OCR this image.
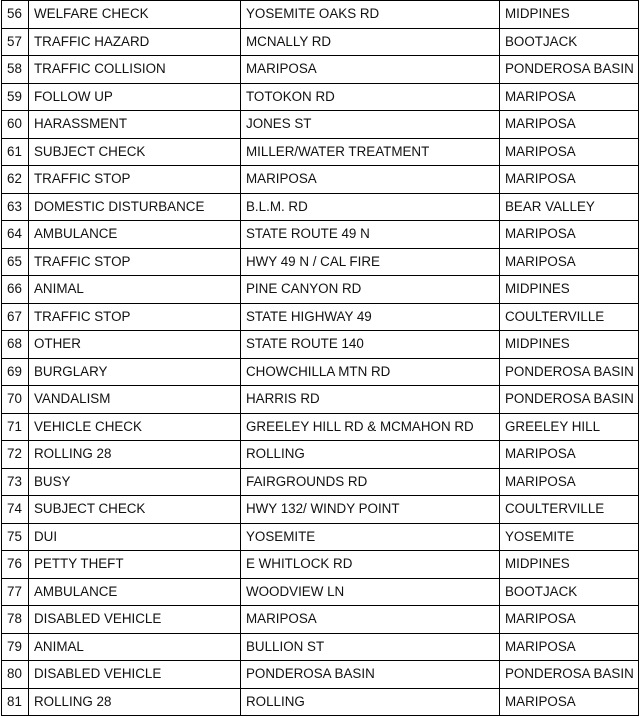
56	WELFARE CHECK	YOSEMITE OAKS RD	MIDPINES
57	TRAFFIC HAZARD	MCNALLY RD	BOOTJACK
58	TRAFFIC COLLISION	MARIPOSA	PONDEROSA BASIN
59	FOLLOW UP	TOTOKON RD	MARIPOSA
60	HARASSMENT	JONES ST	MARIPOSA
61	SUBJECT CHECK	MILLER/WATER TREATMENT	MARIPOSA
62	TRAFFIC STOP	MARIPOSA	MARIPOSA
63	DOMESTIC DISTURBANCE	B.L.M. RD	BEAR VALLEY
64	AMBULANCE	STATE ROUTE 49 N	MARIPOSA
65	TRAFFIC STOP	HWY 49 N / CAL FIRE	MARIPOSA
66	ANIMAL	PINE CANYON RD	MIDPINES
67	TRAFFIC STOP	STATE HIGHWAY 49	COULTERVILLE
68	OTHER	STATE ROUTE 140	MIDPINES
69	BURGLARY	CHOWCHILLA MTN RD	PONDEROSA BASIN
70	VANDALISM	HARRIS RD	PONDEROSA BASIN
71	VEHICLE CHECK	GREELEY HILL RD & MCMAHON RD	GREELEY HILL
72	ROLLING 28	ROLLING	MARIPOSA
73	BUSY	FAIRGROUNDS RD	MARIPOSA
74	SUBJECT CHECK	HWY 132/ WINDY POINT	COULTERVILLE
75	DUI	YOSEMITE	YOSEMITE
76	PETTY THEFT	E WHITLOCK RD	MIDPINES
77	AMBULANCE	WOODVIEW LN	BOOTJACK
78	DISABLED VEHICLE	MARIPOSA	MARIPOSA
79	ANIMAL	BULLION ST	MARIPOSA
80	DISABLED VEHICLE	PONDEROSA BASIN	PONDEROSA BASIN
81	ROLLING 28	ROLLING	MARIPOSA
